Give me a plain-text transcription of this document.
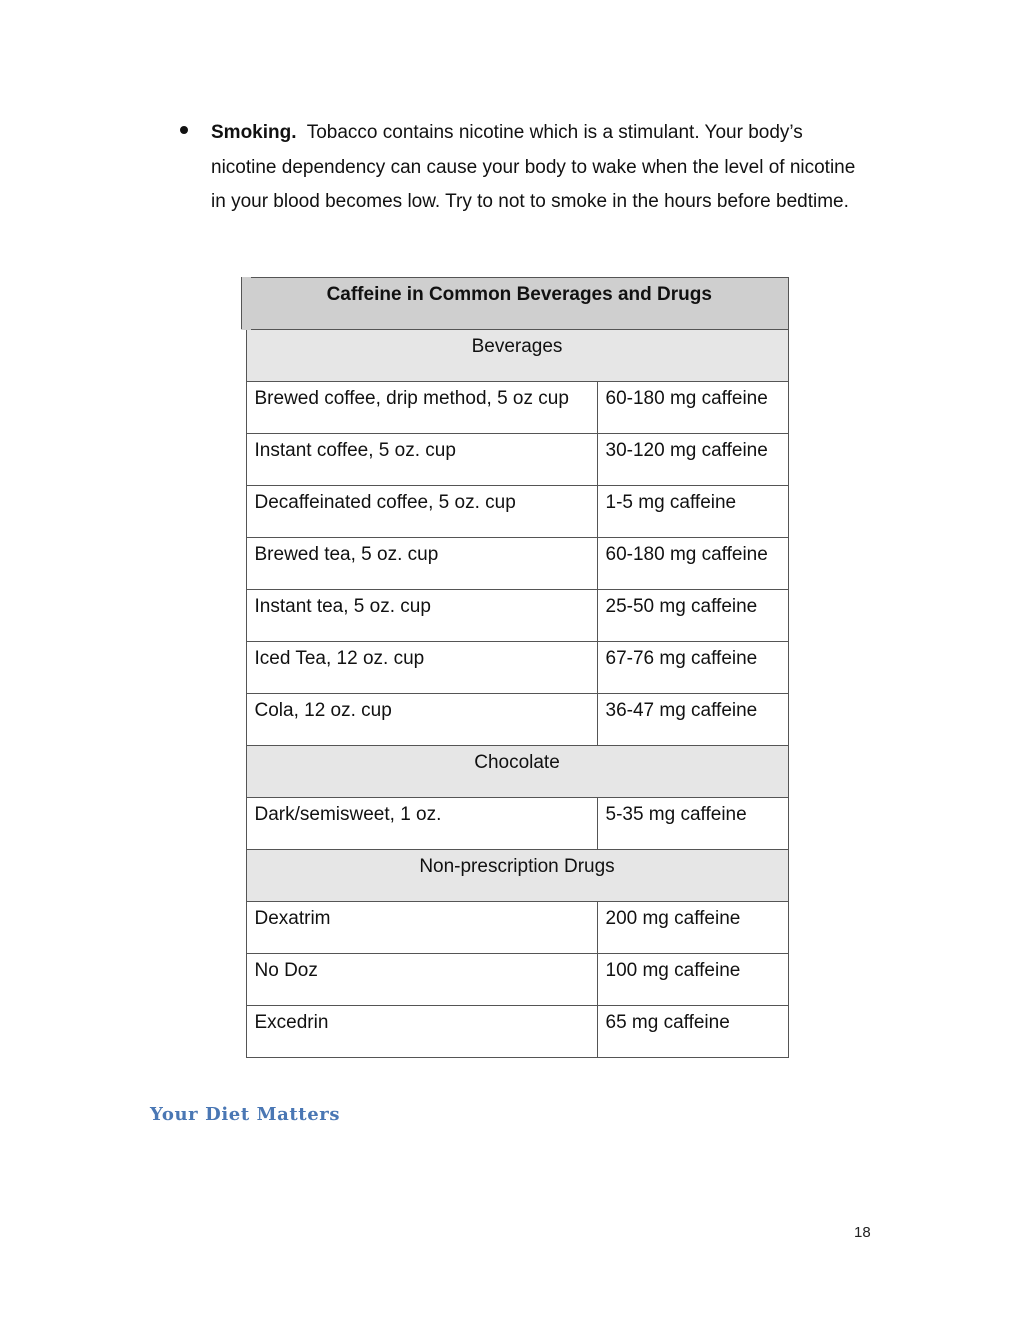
Smoking. Tobacco contains nicotine which is a stimulant. Your body’s nicotine dependency can cause your body to wake when the level of nicotine in your blood becomes low. Try to not to smoke in the hours before bedtime.
Caffeine in Common Beverages and Drugs	
Beverages	
Brewed coffee, drip method, 5 oz cup	60-180 mg caffeine
Instant coffee, 5 oz. cup	30-120 mg caffeine
Decaffeinated coffee, 5 oz. cup	1-5 mg caffeine
Brewed tea, 5 oz. cup	60-180 mg caffeine
Instant tea, 5 oz. cup	25-50 mg caffeine
Iced Tea, 12 oz. cup	67-76 mg caffeine
Cola, 12 oz. cup	36-47 mg caffeine
Chocolate	
Dark/semisweet, 1 oz.	5-35 mg caffeine
Non-prescription Drugs	
Dexatrim	200 mg caffeine
No Doz	100 mg caffeine
Excedrin	65 mg caffeine
Your Diet Matters
18
